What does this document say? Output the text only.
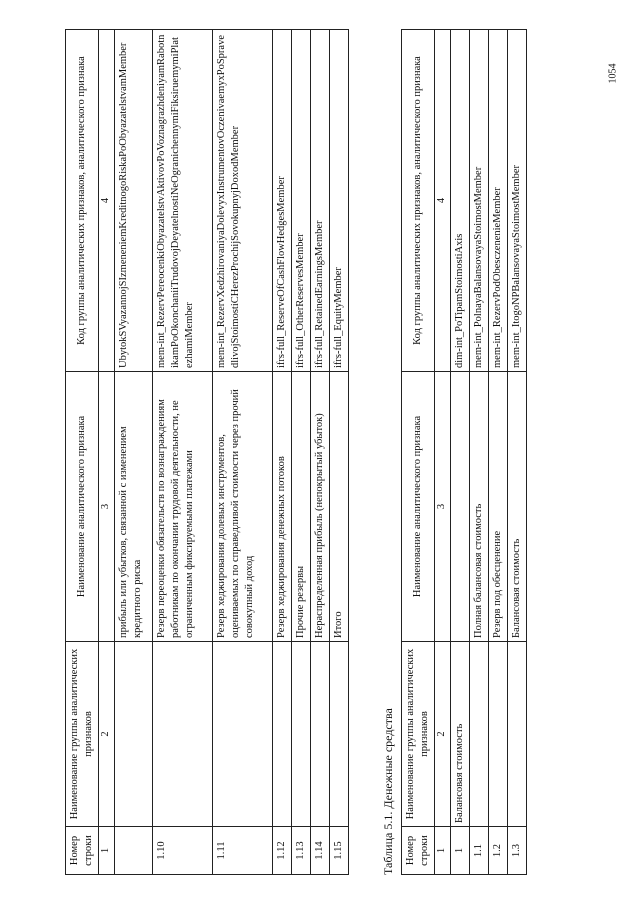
1054
Номер строки	Наименование группы аналитических признаков	Наименование аналитического признака	Код группы аналитических признаков, аналитического признака
1	2	3	4
		прибыль или убытков, связанной с изменением кредитного риска	UbytokSVyazannojSIzmeneniemKreditnogoRiskaPoObyazatelstvamMember
1.10		Резерв переоценки обязательств по вознаграждениям работникам по окончании трудовой деятельности, не ограниченным фиксируемыми платежами	mem-int_RezervPereocenkiObyazatelstvAktivovPoVoznagrazhdeniyamRabotnikamPoOkonchaniiTrudovojDeyatelnostiNeOgranichennymiFiksiruemymiPlatezhamiMember
1.11		Резерв хеджирования долевых инструментов, оцениваемых по справедливой стоимости через прочий совокупный доход	mem-int_RezervXedzhirovaniyaDolevyxInstrumentovOczenivaemyxPoSpravedlivojStoimostiCHerezProchijSovokupnyjDoxodMember
1.12		Резерв хеджирования денежных потоков	ifrs-full_ReserveOfCashFlowHedgesMember
1.13		Прочие резервы	ifrs-full_OtherReservesMember
1.14		Нераспределенная прибыль (непокрытый убыток)	ifrs-full_RetainedEarningsMember
1.15		Итого	ifrs-full_EquityMember
Таблица 5.1. Денежные средства Номер строки	Наименование группы аналитических признаков	Наименование аналитического признака	Код группы аналитических признаков, аналитического признака
1	2	3	4
1	Балансовая стоимость		dim-int_PoTipamStoimostiAxis
1.1		Полная балансовая стоимость	mem-int_PolnayaBalansovayaStoimostMember
1.2		Резерв под обесценение	mem-int_RezervPodObesczenenieMember
1.3		Балансовая стоимость	mem-int_ItogoNPBalansovayaStoimostMember
